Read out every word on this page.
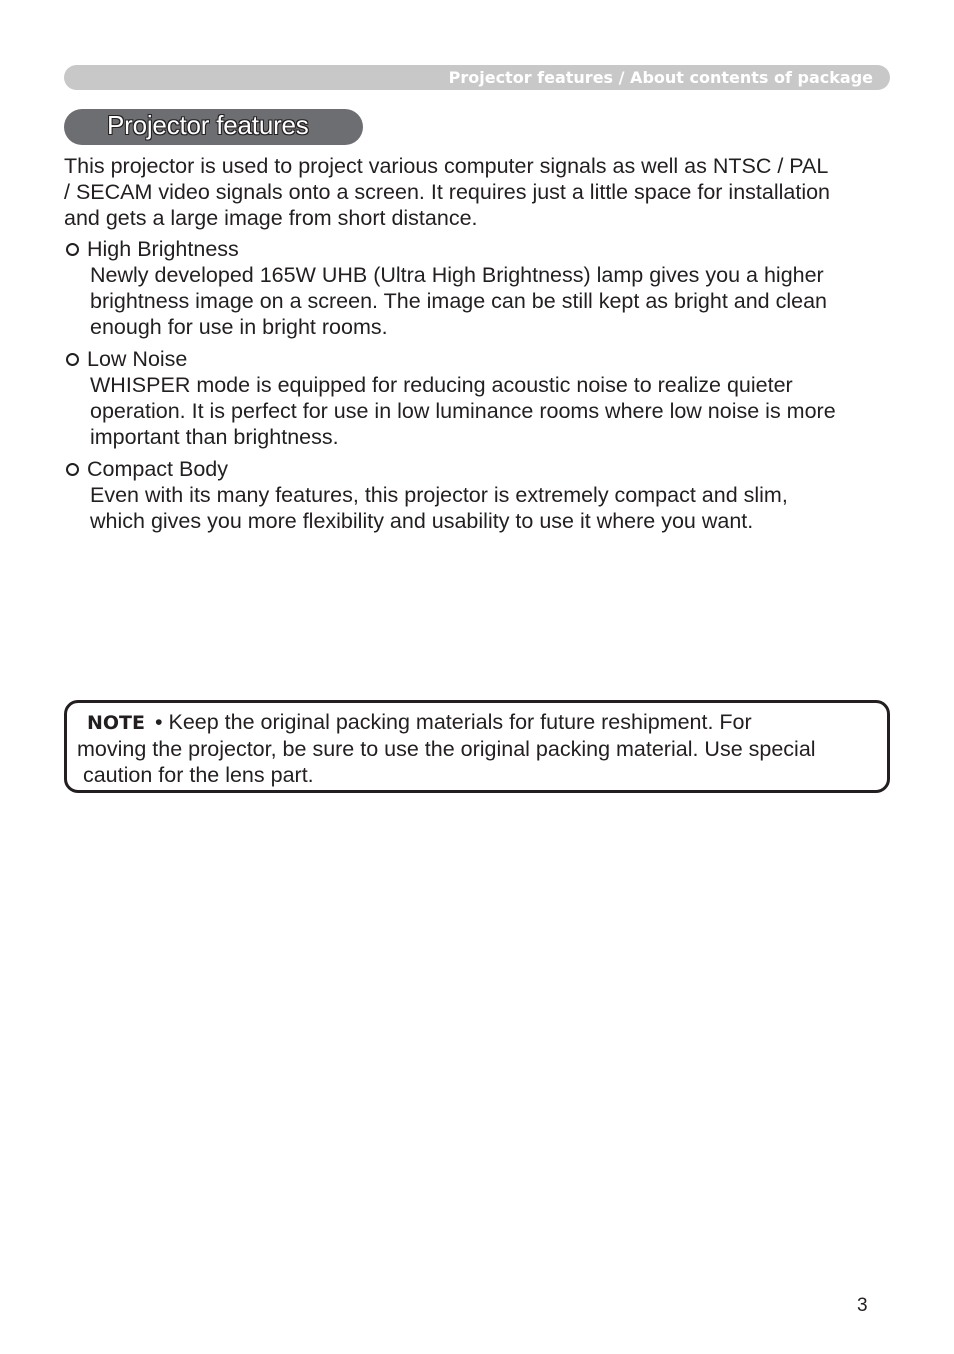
Projector features / About contents of package
Projector features

This projector is used to project various computer signals as well as NTSC / PAL
/ SECAM video signals onto a screen. It requires just a little space for installation
and gets a large image from short distance.

High Brightness
Newly developed 165W UHB (Ultra High Brightness) lamp gives you a higher
brightness image on a screen. The image can be still kept as bright and clean
enough for use in bright rooms.
Low Noise
WHISPER mode is equipped for reducing acoustic noise to realize quieter
operation. It is perfect for use in low luminance rooms where low noise is more
important than brightness.
Compact Body
Even with its many features, this projector is extremely compact and slim,
which gives you more flexibility and usability to use it where you want.
NOTE • Keep the original packing materials for future reshipment. For
moving the projector, be sure to use the original packing material. Use special
caution for the lens part.
3
